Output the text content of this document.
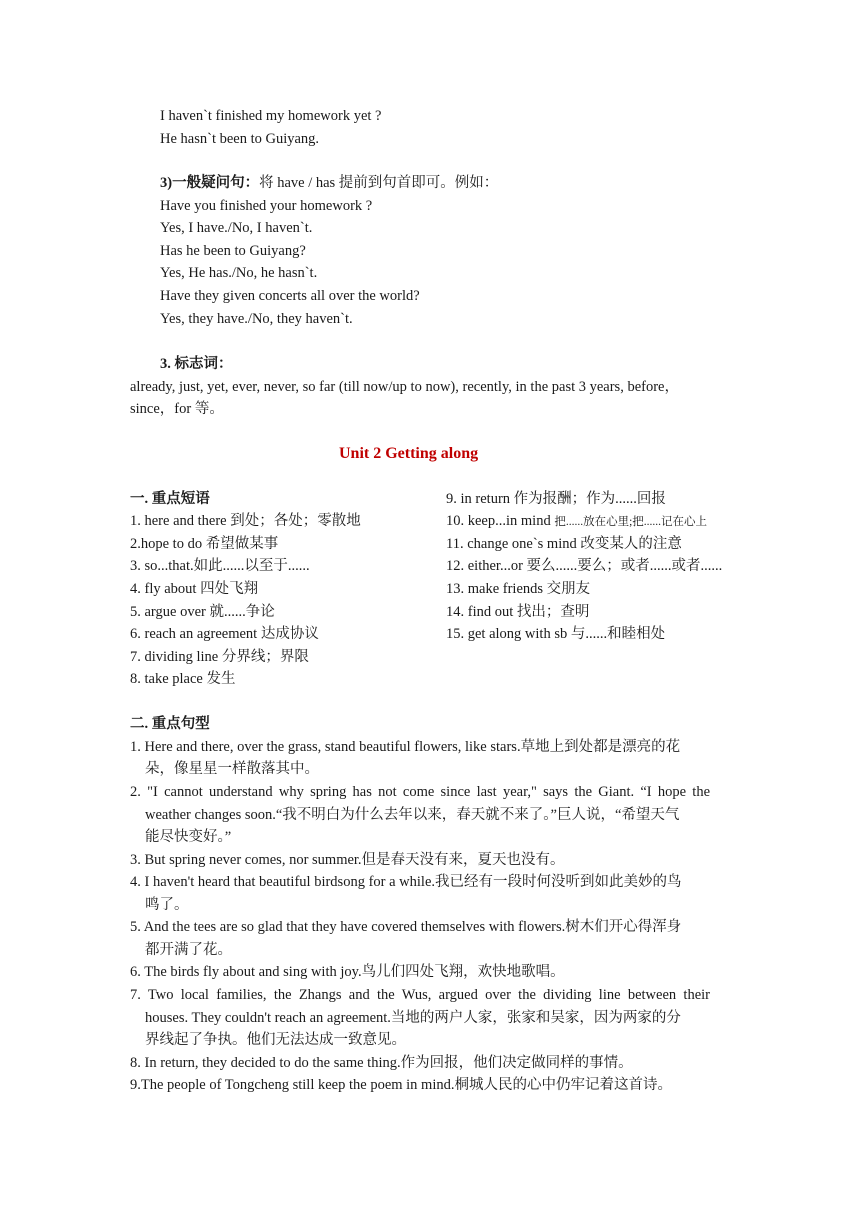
I haven`t finished my homework yet ?
He hasn`t been to Guiyang.
3)一般疑问句：将 have / has 提前到句首即可。例如：
Have you finished your homework ?
Yes, I have./No, I haven`t.
Has he been to Guiyang?
Yes, He has./No, he hasn`t.
Have they given concerts all over the world?
Yes, they have./No, they haven`t.
3. 标志词：
already, just, yet, ever, never, so far (till now/up to now), recently, in the past 3 years, before，
since，for 等。
Unit 2 Getting along
一. 重点短语
1. here and there 到处；各处；零散地
2.hope to do 希望做某事
3. so...that.如此......以至于......
4. fly about 四处飞翔
5. argue over 就......争论
6. reach an agreement 达成协议
7. dividing line 分界线；界限
8. take place 发生
9. in return 作为报酬；作为......回报
10. keep...in mind 把......放在心里;把......记在心上
11. change one`s mind 改变某人的注意
12. either...or 要么......要么；或者......或者......
13. make friends 交朋友
14. find out 找出；查明
15. get along with sb 与......和睦相处
二. 重点句型
1. Here and there, over the grass, stand beautiful flowers, like stars.草地上到处都是漂亮的花
朵，像星星一样散落其中。
2. "I cannot understand why spring has not come since last year," says the Giant. “I hope the
weather changes soon.“我不明白为什么去年以来，春天就不来了。”巨人说，“希望天气
能尽快变好。”
3. But spring never comes, nor summer.但是春天没有来，夏天也没有。
4. I haven't heard that beautiful birdsong for a while.我已经有一段时何没听到如此美妙的鸟
鸣了。
5. And the tees are so glad that they have covered themselves with flowers.树木们开心得浑身
都开满了花。
6. The birds fly about and sing with joy.鸟儿们四处飞翔，欢快地歌唱。
7. Two local families, the Zhangs and the Wus, argued over the dividing line between their
houses. They couldn't reach an agreement.当地的两户人家，张家和吴家，因为两家的分
界线起了争执。他们无法达成一致意见。
8. In return, they decided to do the same thing.作为回报，他们决定做同样的事情。
9.The people of Tongcheng still keep the poem in mind.桐城人民的心中仍牢记着这首诗。
